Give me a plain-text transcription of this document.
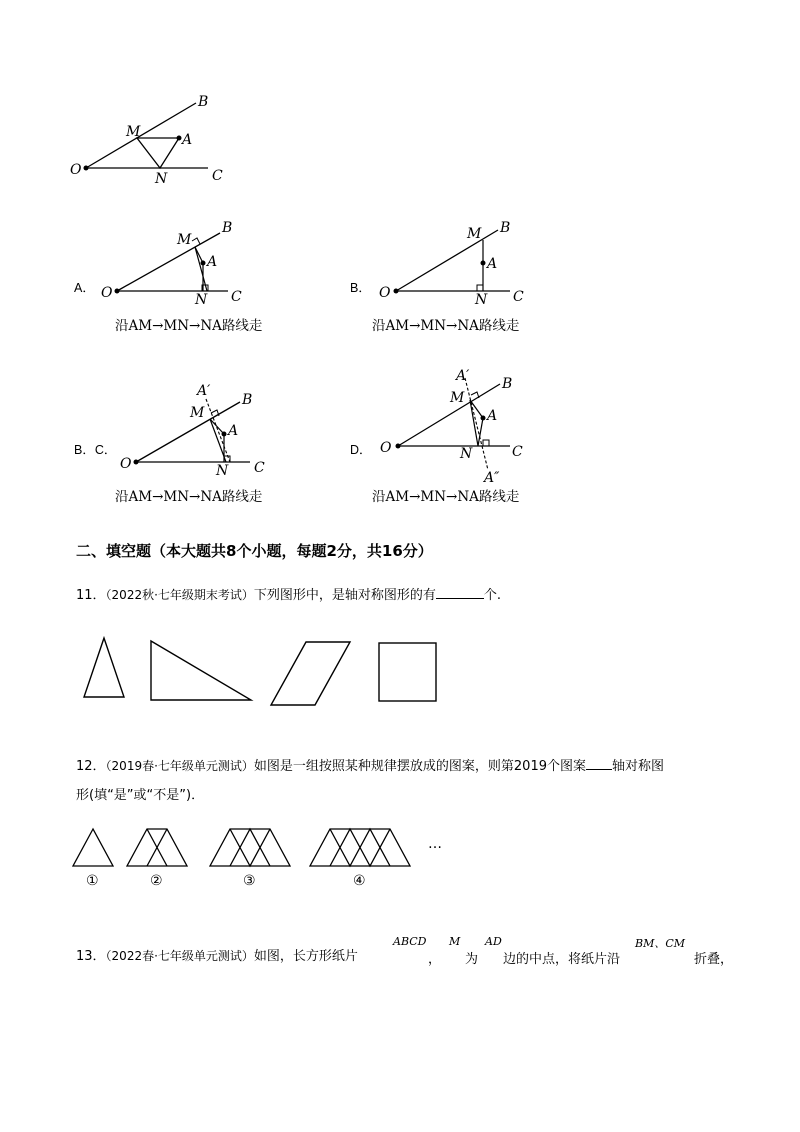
B
M	A
O
N	C
A．
M
B
A
O	N C
沿AM→MN→NA路线走
B．
M B
A
O	N C
沿AM→MN→NA路线走
B．C．
A′
B
M
A
O	N C
沿AM→MN→NA路线走
D．
A′ B
M
A
O	N	C
A″
沿AM→MN→NA路线走
二、填空题（本大题共8个小题，每题2分，共16分）
11．（2022秋·七年级期末考试）下列图形中，是轴对称图形的有	个.
12．（2019春·七年级单元测试）如图是一组按照某种规律摆放成的图案，则第2019个图案 轴对称图
形(填“是”或“不是”)．
…
①	②	③	④
13．（2022春·七年级单元测试）如图，长方形纸片
ABCD
，
M
为
AD
边的中点，将纸片沿
BM、CM
折叠，
